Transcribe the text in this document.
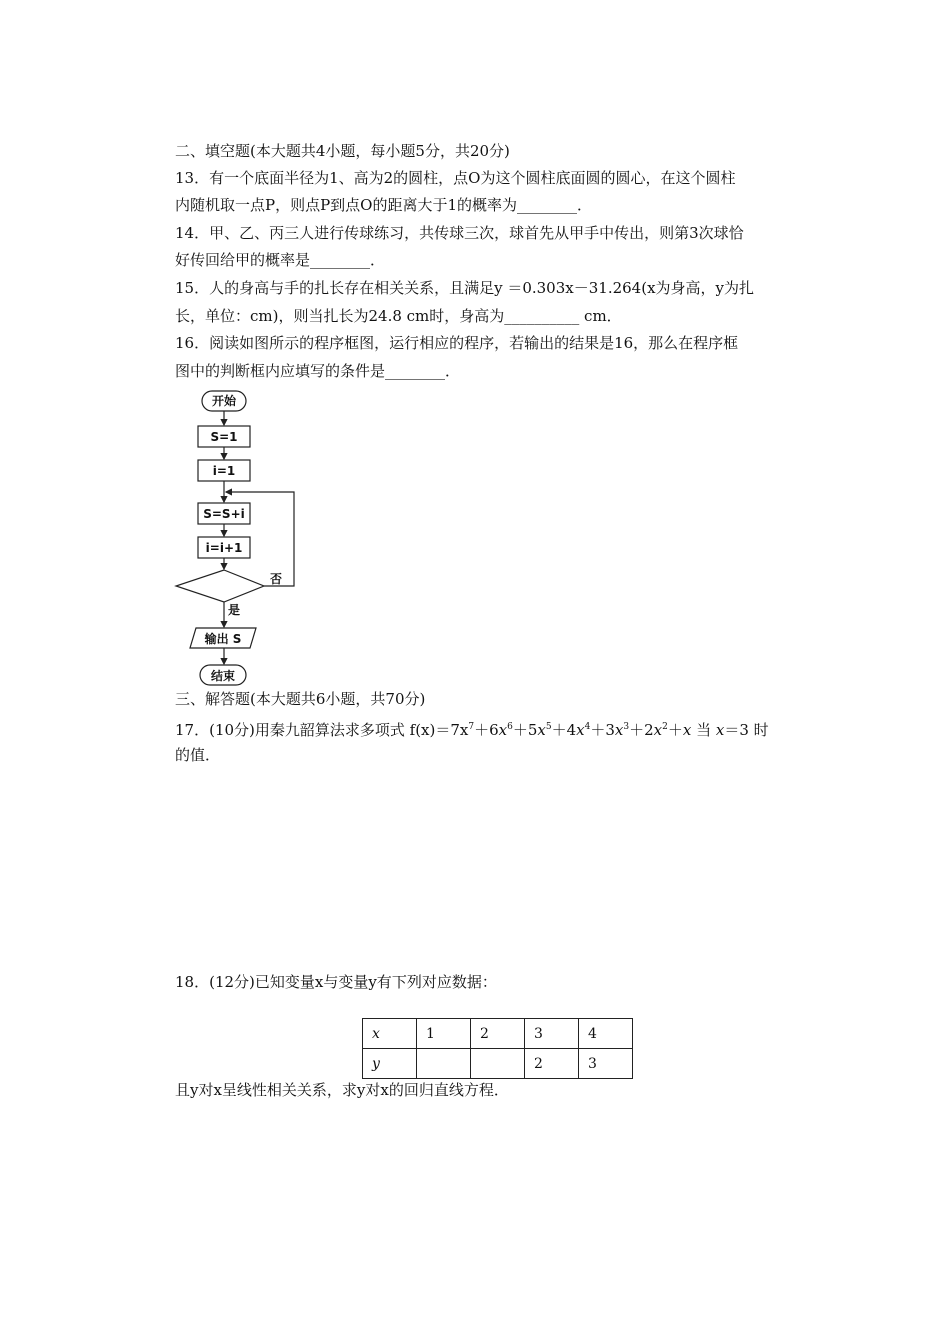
二、填空题(本大题共4小题，每小题5分，共20分)
13．有一个底面半径为1、高为2的圆柱，点O为这个圆柱底面圆的圆心，在这个圆柱
内随机取一点P，则点P到点O的距离大于1的概率为________．
14．甲、乙、丙三人进行传球练习，共传球三次，球首先从甲手中传出，则第3次球恰
好传回给甲的概率是________．
15．人的身高与手的扎长存在相关关系，且满足y ＝0.303x－31.264(x为身高，y为扎
长，单位：cm)，则当扎长为24.8 cm时，身高为__________ cm．
16．阅读如图所示的程序框图，运行相应的程序，若输出的结果是16，那么在程序框
图中的判断框内应填写的条件是________．
开始
S=1
i=1
S=S+i
i=i+1
否
是
输出 S
结束
三、解答题(本大题共6小题，共70分)
17．(10分)用秦九韶算法求多项式 $f(x)=7x^7+6x^6+5x^5+4x^4+3x^3+2x^2+x$ 当 x＝3 时
的值．
18．(12分)已知变量x与变量y有下列对应数据：
x	1	2	3	4
y			2	3
且y对x呈线性相关关系，求y对x的回归直线方程．
